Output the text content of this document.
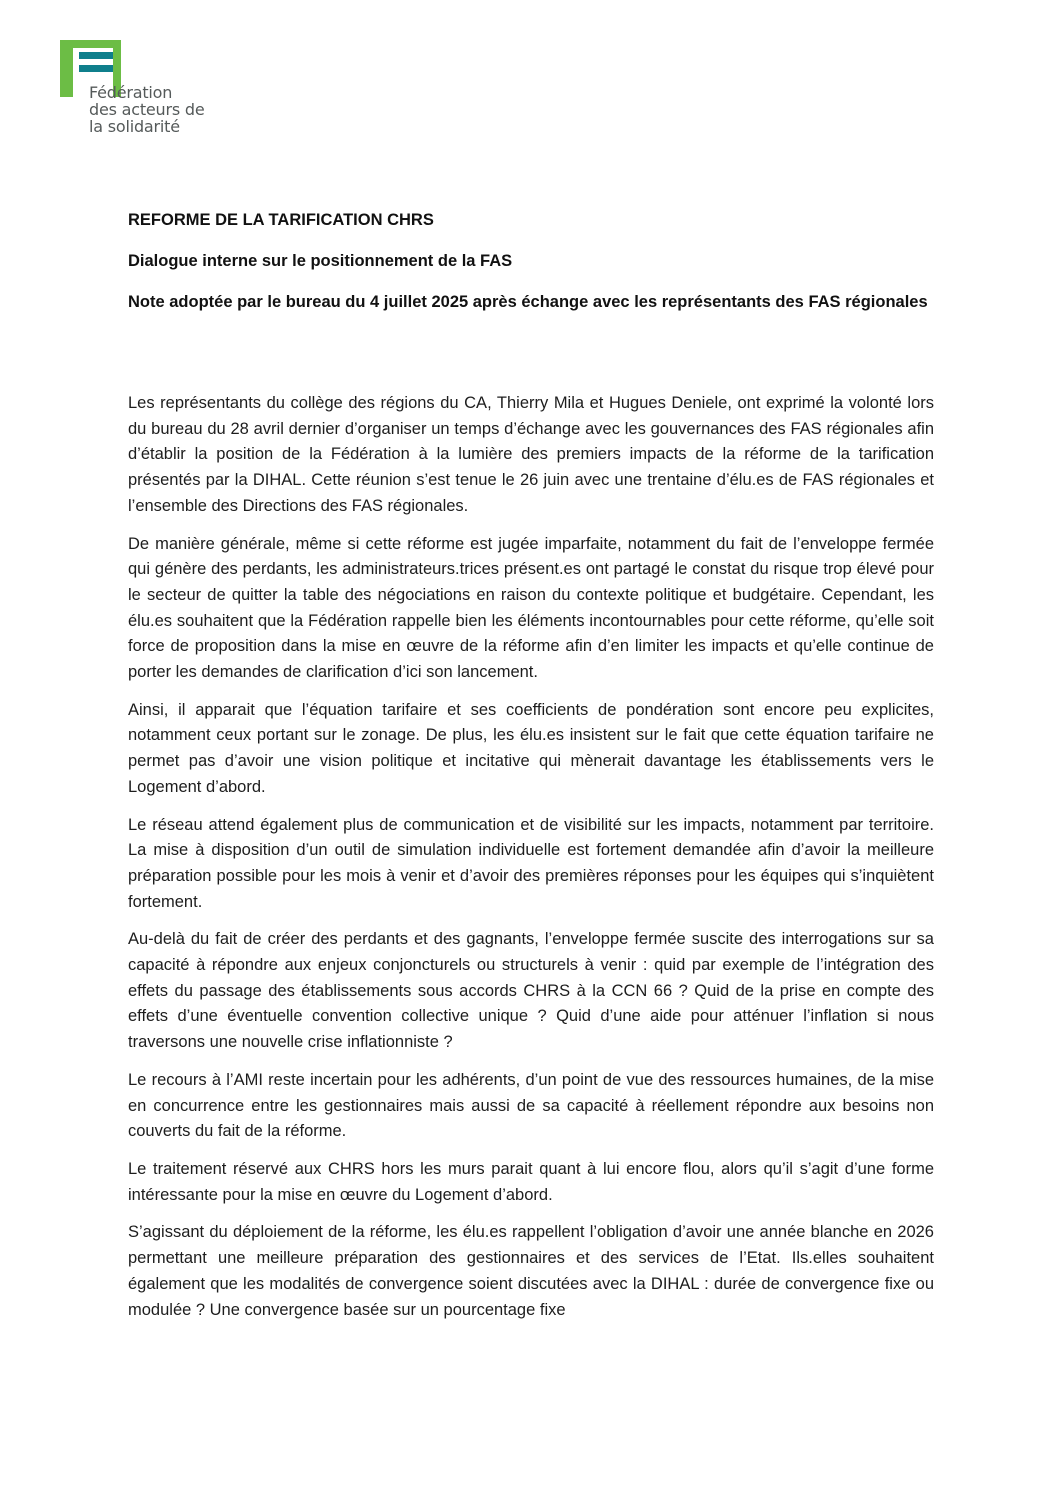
Fédération
des acteurs de
la solidarité
REFORME DE LA TARIFICATION CHRS
Dialogue interne sur le positionnement de la FAS
Note adoptée par le bureau du 4 juillet 2025 après échange avec les représentants des FAS régionales

Les représentants du collège des régions du CA, Thierry Mila et Hugues Deniele, ont exprimé la volonté lors du bureau du 28 avril dernier d’organiser un temps d’échange avec les gouvernances des FAS régionales afin d’établir la position de la Fédération à la lumière des premiers impacts de la réforme de la tarification présentés par la DIHAL. Cette réunion s’est tenue le 26 juin avec une trentaine d’élu.es de FAS régionales et l’ensemble des Directions des FAS régionales.

De manière générale, même si cette réforme est jugée imparfaite, notamment du fait de l’enveloppe fermée qui génère des perdants, les administrateurs.trices présent.es ont partagé le constat du risque trop élevé pour le secteur de quitter la table des négociations en raison du contexte politique et budgétaire. Cependant, les élu.es souhaitent que la Fédération rappelle bien les éléments incontournables pour cette réforme, qu’elle soit force de proposition dans la mise en œuvre de la réforme afin d’en limiter les impacts et qu’elle continue de porter les demandes de clarification d’ici son lancement.

Ainsi, il apparait que l’équation tarifaire et ses coefficients de pondération sont encore peu explicites, notamment ceux portant sur le zonage. De plus, les élu.es insistent sur le fait que cette équation tarifaire ne permet pas d’avoir une vision politique et incitative qui mènerait davantage les établissements vers le Logement d’abord.

Le réseau attend également plus de communication et de visibilité sur les impacts, notamment par territoire. La mise à disposition d’un outil de simulation individuelle est fortement demandée afin d’avoir la meilleure préparation possible pour les mois à venir et d’avoir des premières réponses pour les équipes qui s’inquiètent fortement.

Au-delà du fait de créer des perdants et des gagnants, l’enveloppe fermée suscite des interrogations sur sa capacité à répondre aux enjeux conjoncturels ou structurels à venir : quid par exemple de l’intégration des effets du passage des établissements sous accords CHRS à la CCN 66 ? Quid de la prise en compte des effets d’une éventuelle convention collective unique ? Quid d’une aide pour atténuer l’inflation si nous traversons une nouvelle crise inflationniste ?

Le recours à l’AMI reste incertain pour les adhérents, d’un point de vue des ressources humaines, de la mise en concurrence entre les gestionnaires mais aussi de sa capacité à réellement répondre aux besoins non couverts du fait de la réforme.

Le traitement réservé aux CHRS hors les murs parait quant à lui encore flou, alors qu’il s’agit d’une forme intéressante pour la mise en œuvre du Logement d’abord.

S’agissant du déploiement de la réforme, les élu.es rappellent l’obligation d’avoir une année blanche en 2026 permettant une meilleure préparation des gestionnaires et des services de l’Etat. Ils.elles souhaitent également que les modalités de convergence soient discutées avec la DIHAL : durée de convergence fixe ou modulée ? Une convergence basée sur un pourcentage fixe
